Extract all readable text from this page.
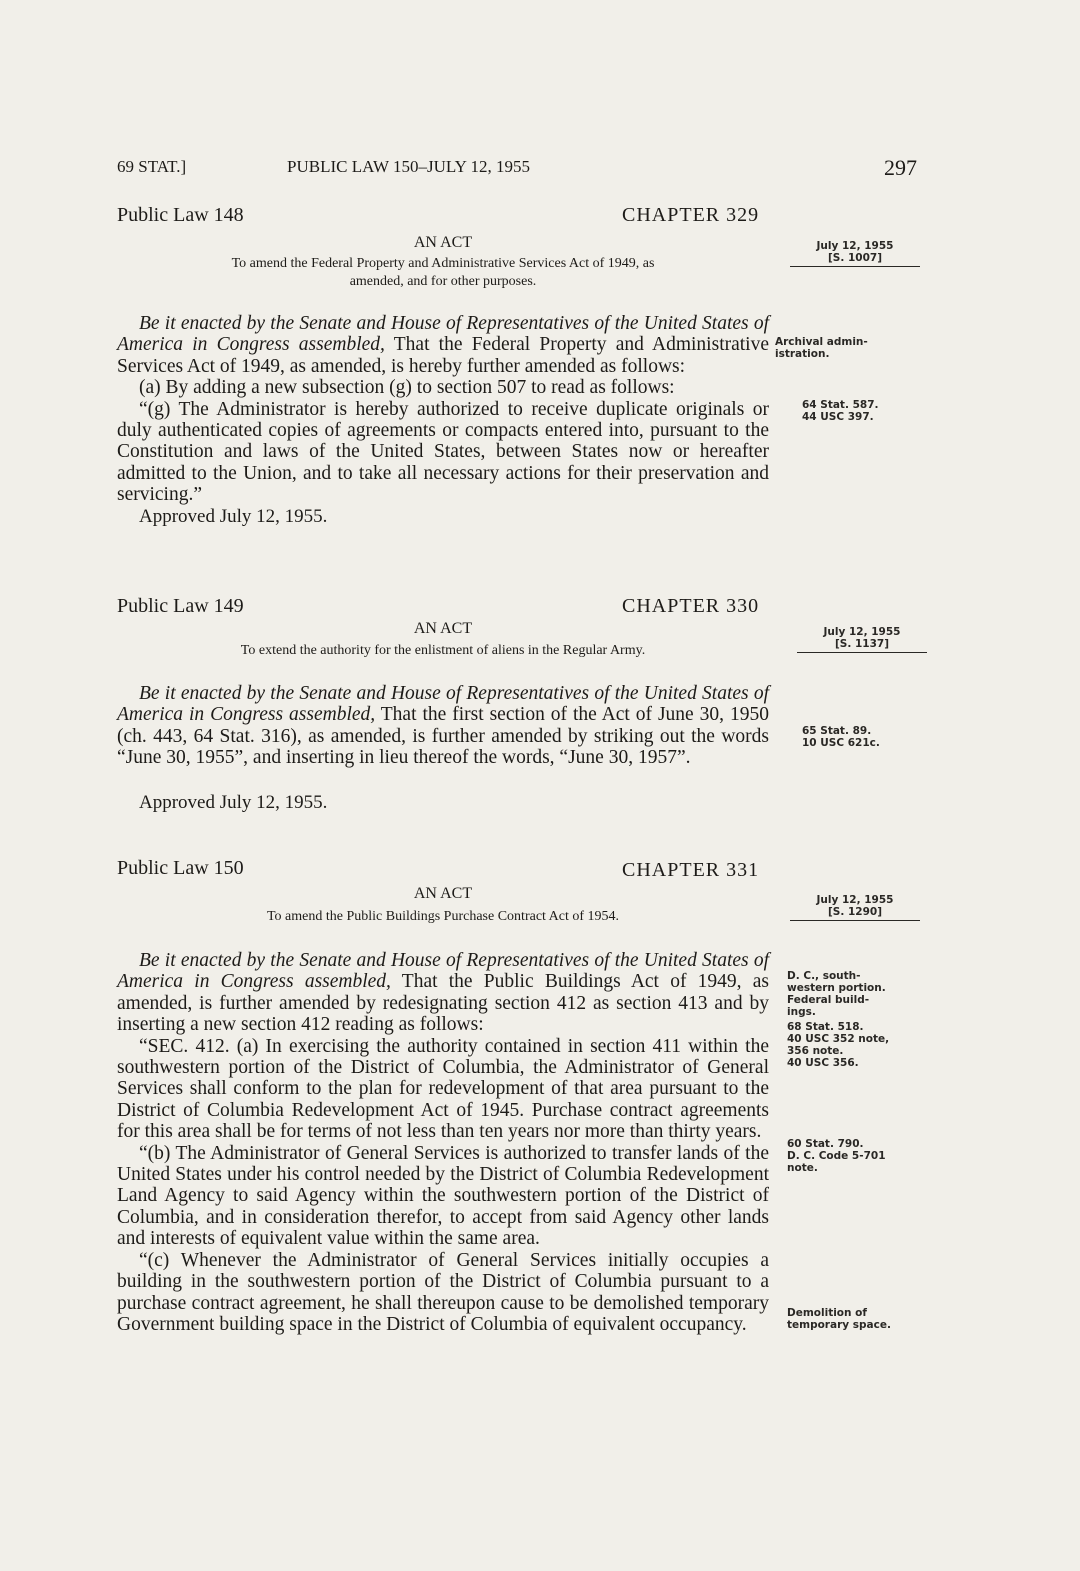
69 STAT.]	PUBLIC LAW 150–JULY 12, 1955	297
Public Law 148	CHAPTER 329
AN ACT
To amend the Federal Property and Administrative Services Act of 1949, as
amended, and for other purposes.

Be it enacted by the Senate and House of Representatives of the United States of America in Congress assembled, That the Federal Property and Administrative Services Act of 1949, as amended, is hereby further amended as follows:

(a) By adding a new subsection (g) to section 507 to read as follows:

“(g) The Administrator is hereby authorized to receive duplicate originals or duly authenticated copies of agreements or compacts entered into, pursuant to the Constitution and laws of the United States, between States now or hereafter admitted to the Union, and to take all necessary actions for their preservation and servicing.”

Approved July 12, 1955.

July 12, 1955
[S. 1007]
Archival admin-
istration.
64 Stat. 587.
44 USC 397.
Public Law 149	CHAPTER 330
AN ACT
To extend the authority for the enlistment of aliens in the Regular Army.

Be it enacted by the Senate and House of Representatives of the United States of America in Congress assembled, That the first section of the Act of June 30, 1950 (ch. 443, 64 Stat. 316), as amended, is further amended by striking out the words “June 30, 1955”, and inserting in lieu thereof the words, “June 30, 1957”.

Approved July 12, 1955.
July 12, 1955
[S. 1137]
65 Stat. 89.
10 USC 621c.
Public Law 150	CHAPTER 331
AN ACT
To amend the Public Buildings Purchase Contract Act of 1954.

Be it enacted by the Senate and House of Representatives of the United States of America in Congress assembled, That the Public Buildings Act of 1949, as amended, is further amended by redesignating section 412 as section 413 and by inserting a new section 412 reading as follows:

“SEC. 412. (a) In exercising the authority contained in section 411 within the southwestern portion of the District of Columbia, the Administrator of General Services shall conform to the plan for redevelopment of that area pursuant to the District of Columbia Redevelopment Act of 1945. Purchase contract agreements for this area shall be for terms of not less than ten years nor more than thirty years.

“(b) The Administrator of General Services is authorized to transfer lands of the United States under his control needed by the District of Columbia Redevelopment Land Agency to said Agency within the southwestern portion of the District of Columbia, and in consideration therefor, to accept from said Agency other lands and interests of equivalent value within the same area.

“(c) Whenever the Administrator of General Services initially occupies a building in the southwestern portion of the District of Columbia pursuant to a purchase contract agreement, he shall thereupon cause to be demolished temporary Government building space in the District of Columbia of equivalent occupancy.

July 12, 1955
[S. 1290]
D. C., south-
western portion.
Federal build-
ings.
68 Stat. 518.
40 USC 352 note,
356 note.
40 USC 356.
60 Stat. 790.
D. C. Code 5-701
note.
Demolition of
temporary space.
